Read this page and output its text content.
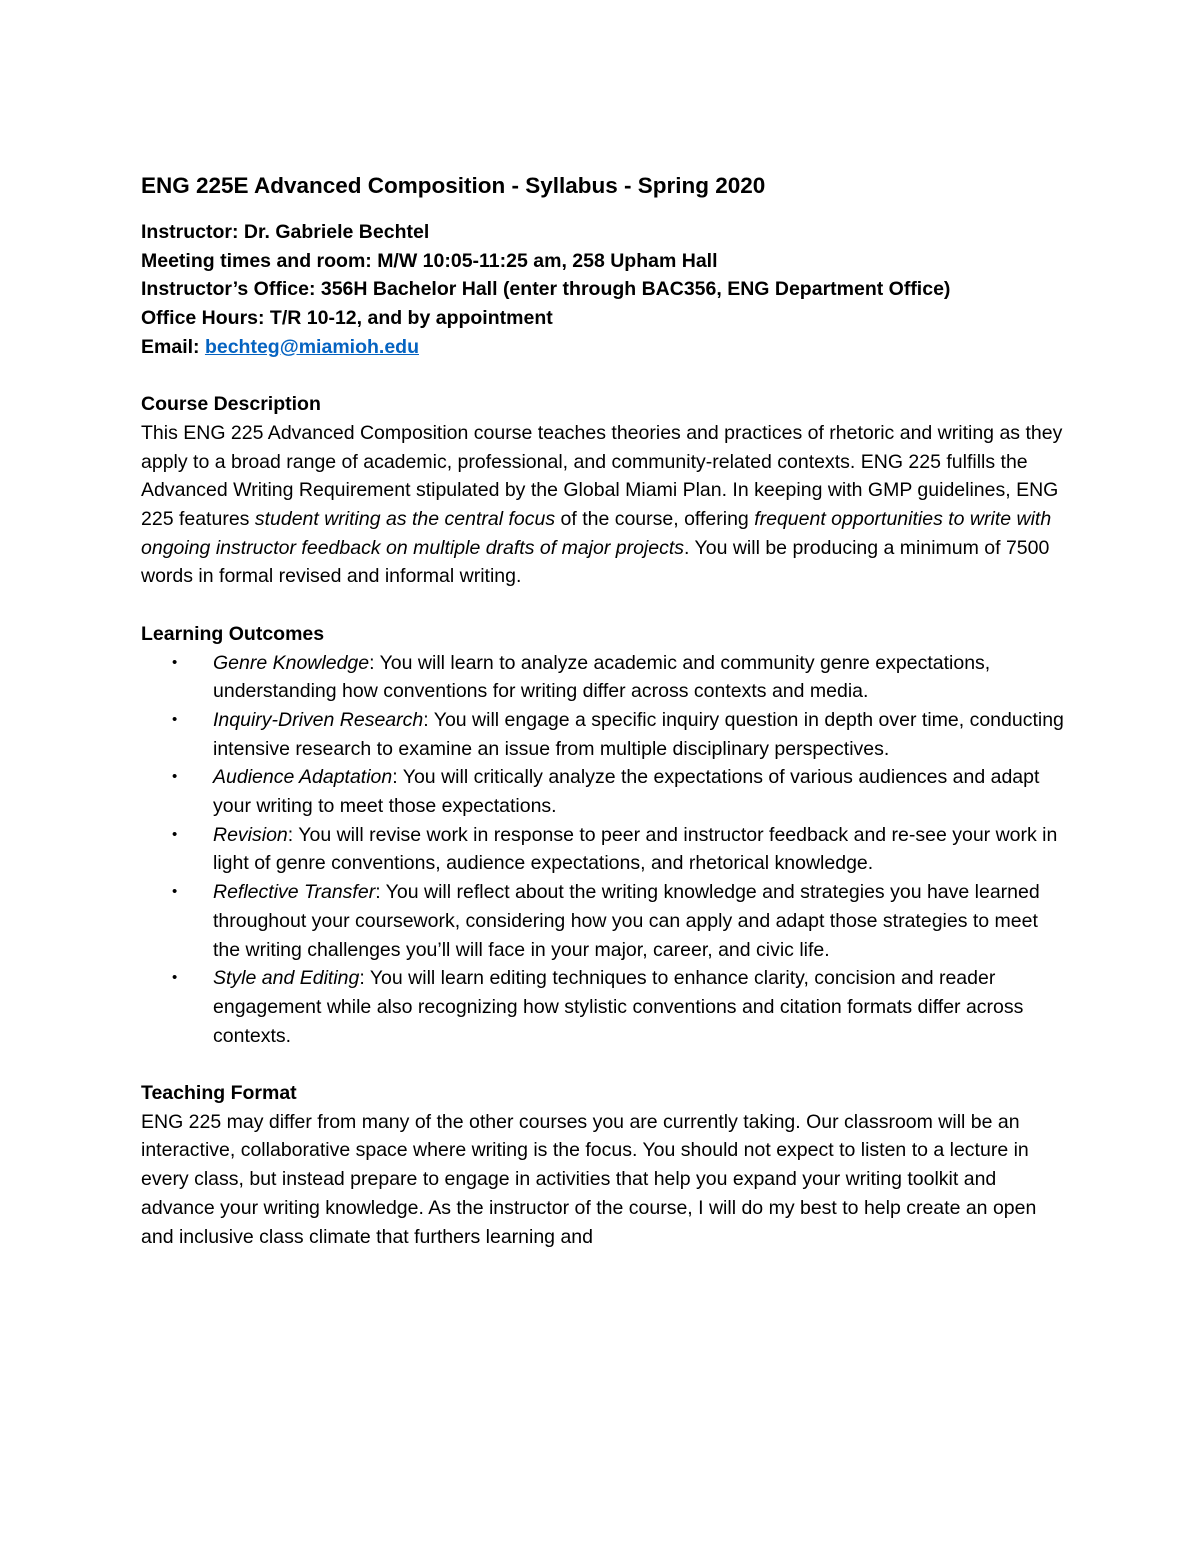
ENG 225E Advanced Composition - Syllabus - Spring 2020
Instructor: Dr. Gabriele Bechtel
Meeting times and room: M/W 10:05-11:25 am, 258 Upham Hall
Instructor’s Office: 356H Bachelor Hall (enter through BAC356, ENG Department Office)
Office Hours: T/R 10-12, and by appointment
Email: bechteg@miamioh.edu
Course Description

This ENG 225 Advanced Composition course teaches theories and practices of rhetoric and writing as they apply to a broad range of academic, professional, and community-related contexts. ENG 225 fulfills the Advanced Writing Requirement stipulated by the Global Miami Plan. In keeping with GMP guidelines, ENG 225 features student writing as the central focus of the course, offering frequent opportunities to write with ongoing instructor feedback on multiple drafts of major projects. You will be producing a minimum of 7500 words in formal revised and informal writing.

Learning Outcomes
• Genre Knowledge: You will learn to analyze academic and community genre expectations, understanding how conventions for writing differ across contexts and media.
• Inquiry-Driven Research: You will engage a specific inquiry question in depth over time, conducting intensive research to examine an issue from multiple disciplinary perspectives.
• Audience Adaptation: You will critically analyze the expectations of various audiences and adapt your writing to meet those expectations.
• Revision: You will revise work in response to peer and instructor feedback and re-see your work in light of genre conventions, audience expectations, and rhetorical knowledge.
• Reflective Transfer: You will reflect about the writing knowledge and strategies you have learned throughout your coursework, considering how you can apply and adapt those strategies to meet the writing challenges you’ll will face in your major, career, and civic life.
• Style and Editing: You will learn editing techniques to enhance clarity, concision and reader engagement while also recognizing how stylistic conventions and citation formats differ across contexts.
Teaching Format

ENG 225 may differ from many of the other courses you are currently taking. Our classroom will be an interactive, collaborative space where writing is the focus. You should not expect to listen to a lecture in every class, but instead prepare to engage in activities that help you expand your writing toolkit and advance your writing knowledge. As the instructor of the course, I will do my best to help create an open and inclusive class climate that furthers learning and
